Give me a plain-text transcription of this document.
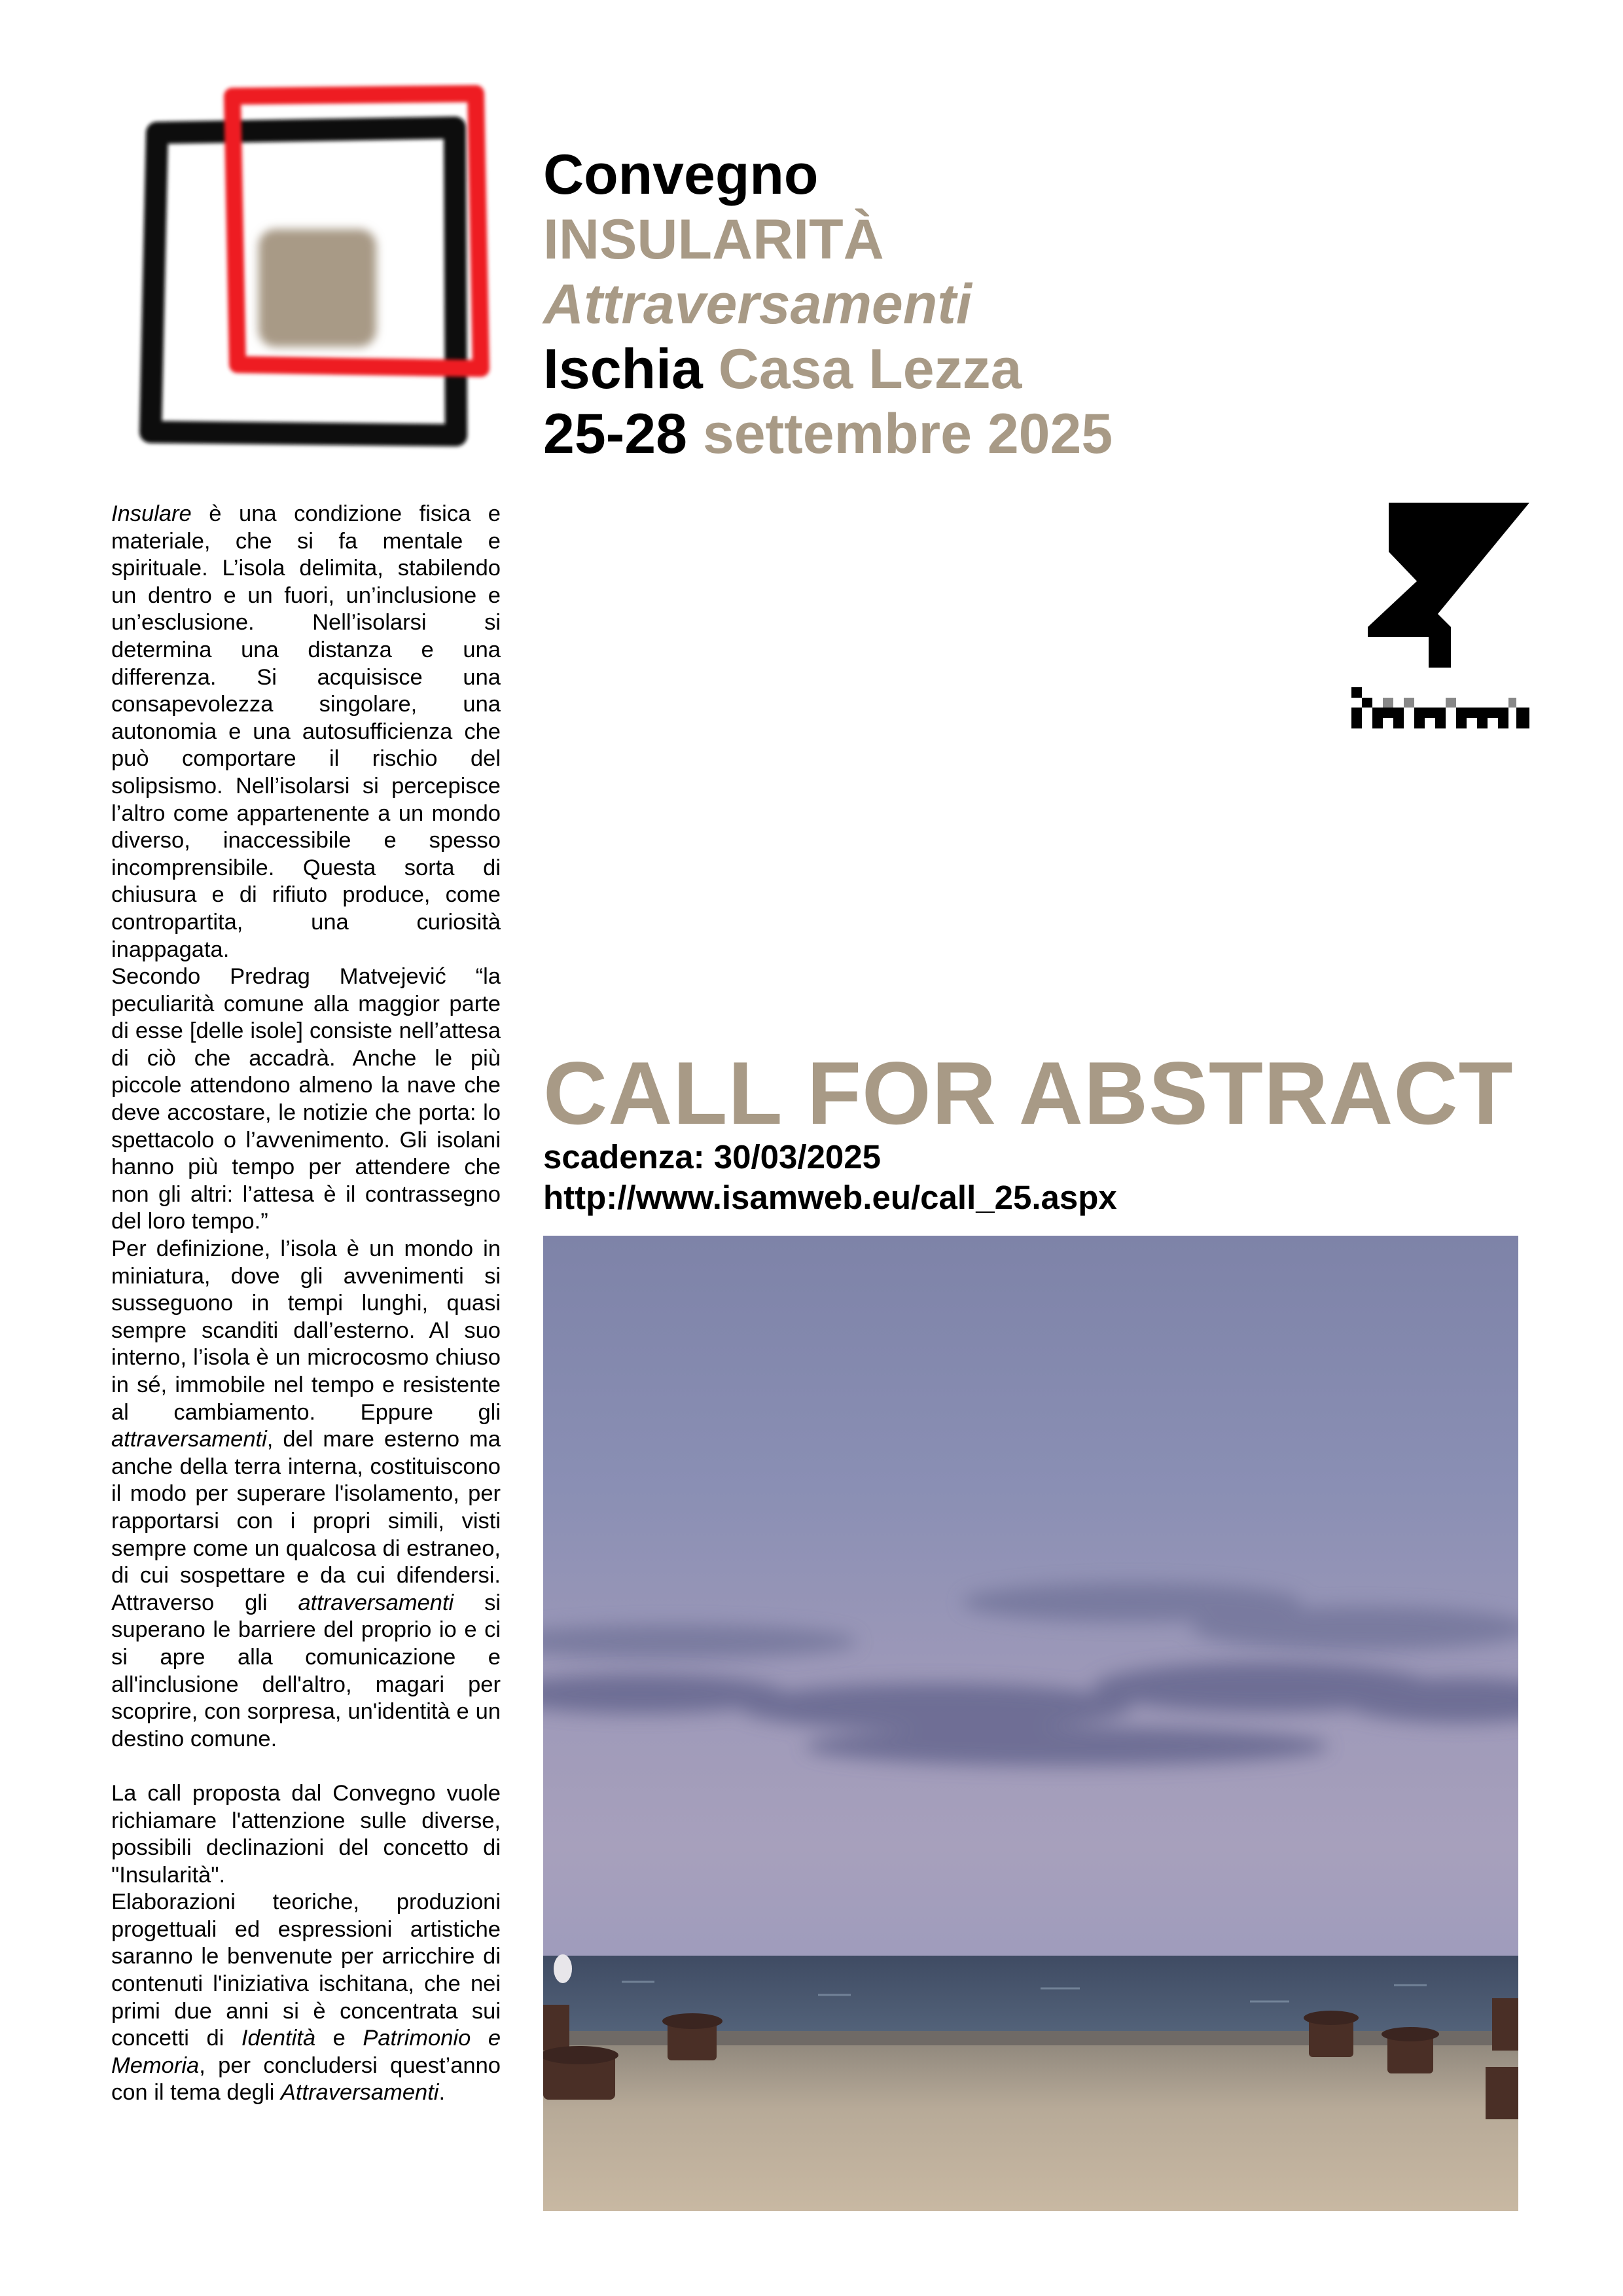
Convegno
INSULARITÀ
Attraversamenti
Ischia Casa Lezza
25-28 settembre 2025

Insulare è una condizione fisica e materiale, che si fa mentale e spirituale. L’isola delimita, stabilendo un dentro e un fuori, un’inclusione e un’esclusione. Nell’isolarsi si determina una distanza e una differenza. Si acquisisce una consapevolezza singolare, una autonomia e una autosufficienza che può comportare il rischio del solipsismo. Nell’isolarsi si percepisce l’altro come appartenente a un mondo diverso, inaccessibile e spesso incomprensibile. Questa sorta di chiusura e di rifiuto produce, come contropartita, una curiosità inappagata.

Secondo Predrag Matvejević “la peculiarità comune alla maggior parte di esse [delle isole] consiste nell’attesa di ciò che accadrà. Anche le più piccole attendono almeno la nave che deve accostare, le notizie che porta: lo spettacolo o l’avvenimento. Gli isolani hanno più tempo per attendere che non gli altri: l’attesa è il contrassegno del loro tempo.”

Per definizione, l’isola è un mondo in miniatura, dove gli avvenimenti si susseguono in tempi lunghi, quasi sempre scanditi dall’esterno. Al suo interno, l’isola è un microcosmo chiuso in sé, immobile nel tempo e resistente al cambiamento. Eppure gli attraversamenti, del mare esterno ma anche della terra interna, costituiscono il modo per superare l'isolamento, per rapportarsi con i propri simili, visti sempre come un qualcosa di estraneo, di cui sospettare e da cui difendersi. Attraverso gli attraversamenti si superano le barriere del proprio io e ci si apre alla comunicazione e all'inclusione dell'altro, magari per scoprire, con sorpresa, un'identità e un destino comune.

La call proposta dal Convegno vuole richiamare l'attenzione sulle diverse, possibili declinazioni del concetto di "Insularità".

Elaborazioni teoriche, produzioni progettuali ed espressioni artistiche saranno le benvenute per arricchire di contenuti l'iniziativa ischitana, che nei primi due anni si è concentrata sui concetti di Identità e Patrimonio e Memoria, per concludersi quest’anno con il tema degli Attraversamenti.

CALL FOR ABSTRACT
scadenza: 30/03/2025
http://www.isamweb.eu/call_25.aspx
